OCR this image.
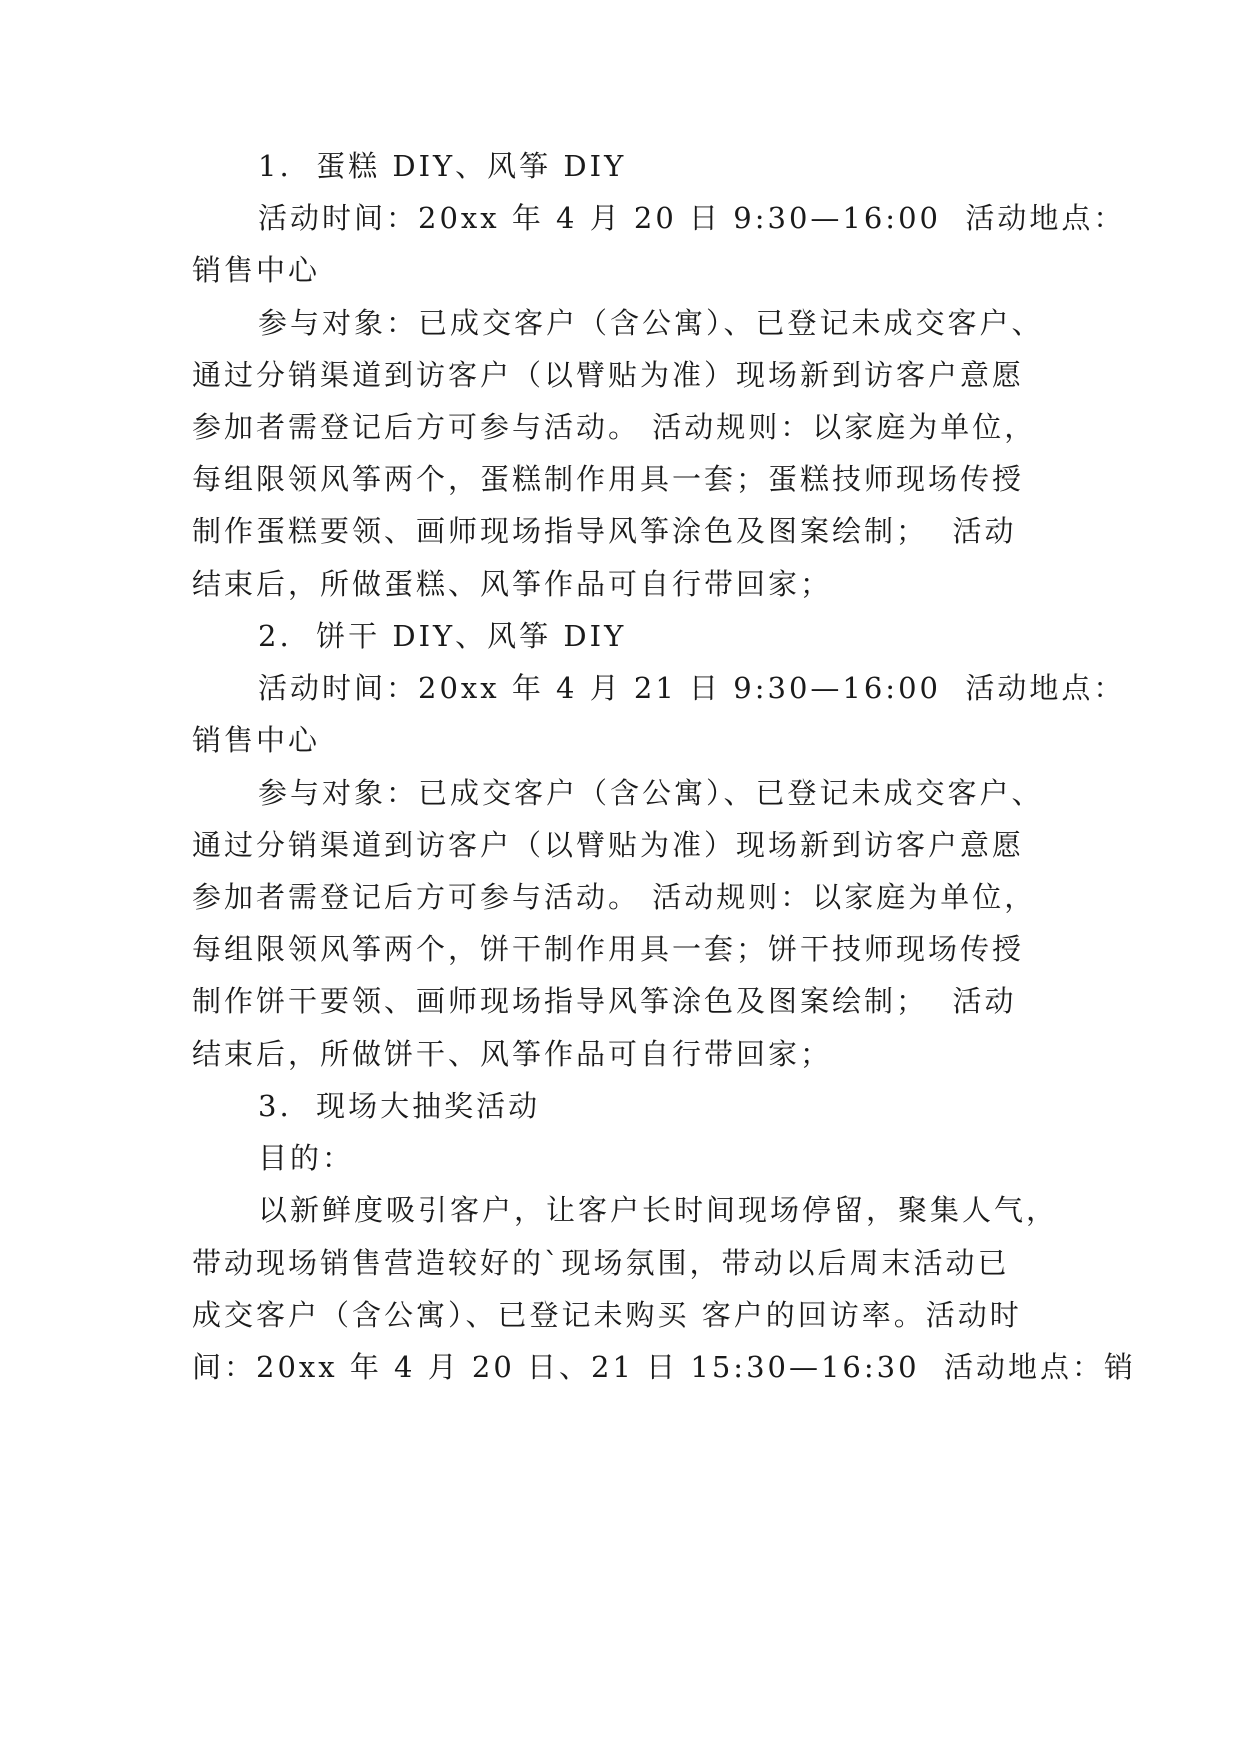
1.  蛋糕 DIY、风筝 DIY

活动时间：20xx 年 4 月 20 日 9:30—16:00  活动地点：

销售中心

参与对象：已成交客户（含公寓）、已登记未成交客户、

通过分销渠道到访客户（以臂贴为准）现场新到访客户意愿

参加者需登记后方可参与活动。 活动规则：以家庭为单位，

每组限领风筝两个，蛋糕制作用具一套；蛋糕技师现场传授

制作蛋糕要领、画师现场指导风筝涂色及图案绘制；  活动

结束后，所做蛋糕、风筝作品可自行带回家；

2.  饼干 DIY、风筝 DIY

活动时间：20xx 年 4 月 21 日 9:30—16:00  活动地点：

销售中心

参与对象：已成交客户（含公寓）、已登记未成交客户、

通过分销渠道到访客户（以臂贴为准）现场新到访客户意愿

参加者需登记后方可参与活动。 活动规则：以家庭为单位，

每组限领风筝两个，饼干制作用具一套；饼干技师现场传授

制作饼干要领、画师现场指导风筝涂色及图案绘制；  活动

结束后，所做饼干、风筝作品可自行带回家；

3.  现场大抽奖活动

目的：

以新鲜度吸引客户，让客户长时间现场停留，聚集人气，

带动现场销售营造较好的`现场氛围，带动以后周末活动已

成交客户（含公寓）、已登记未购买 客户的回访率。活动时

间：20xx 年 4 月 20 日、21 日 15:30—16:30  活动地点：销
